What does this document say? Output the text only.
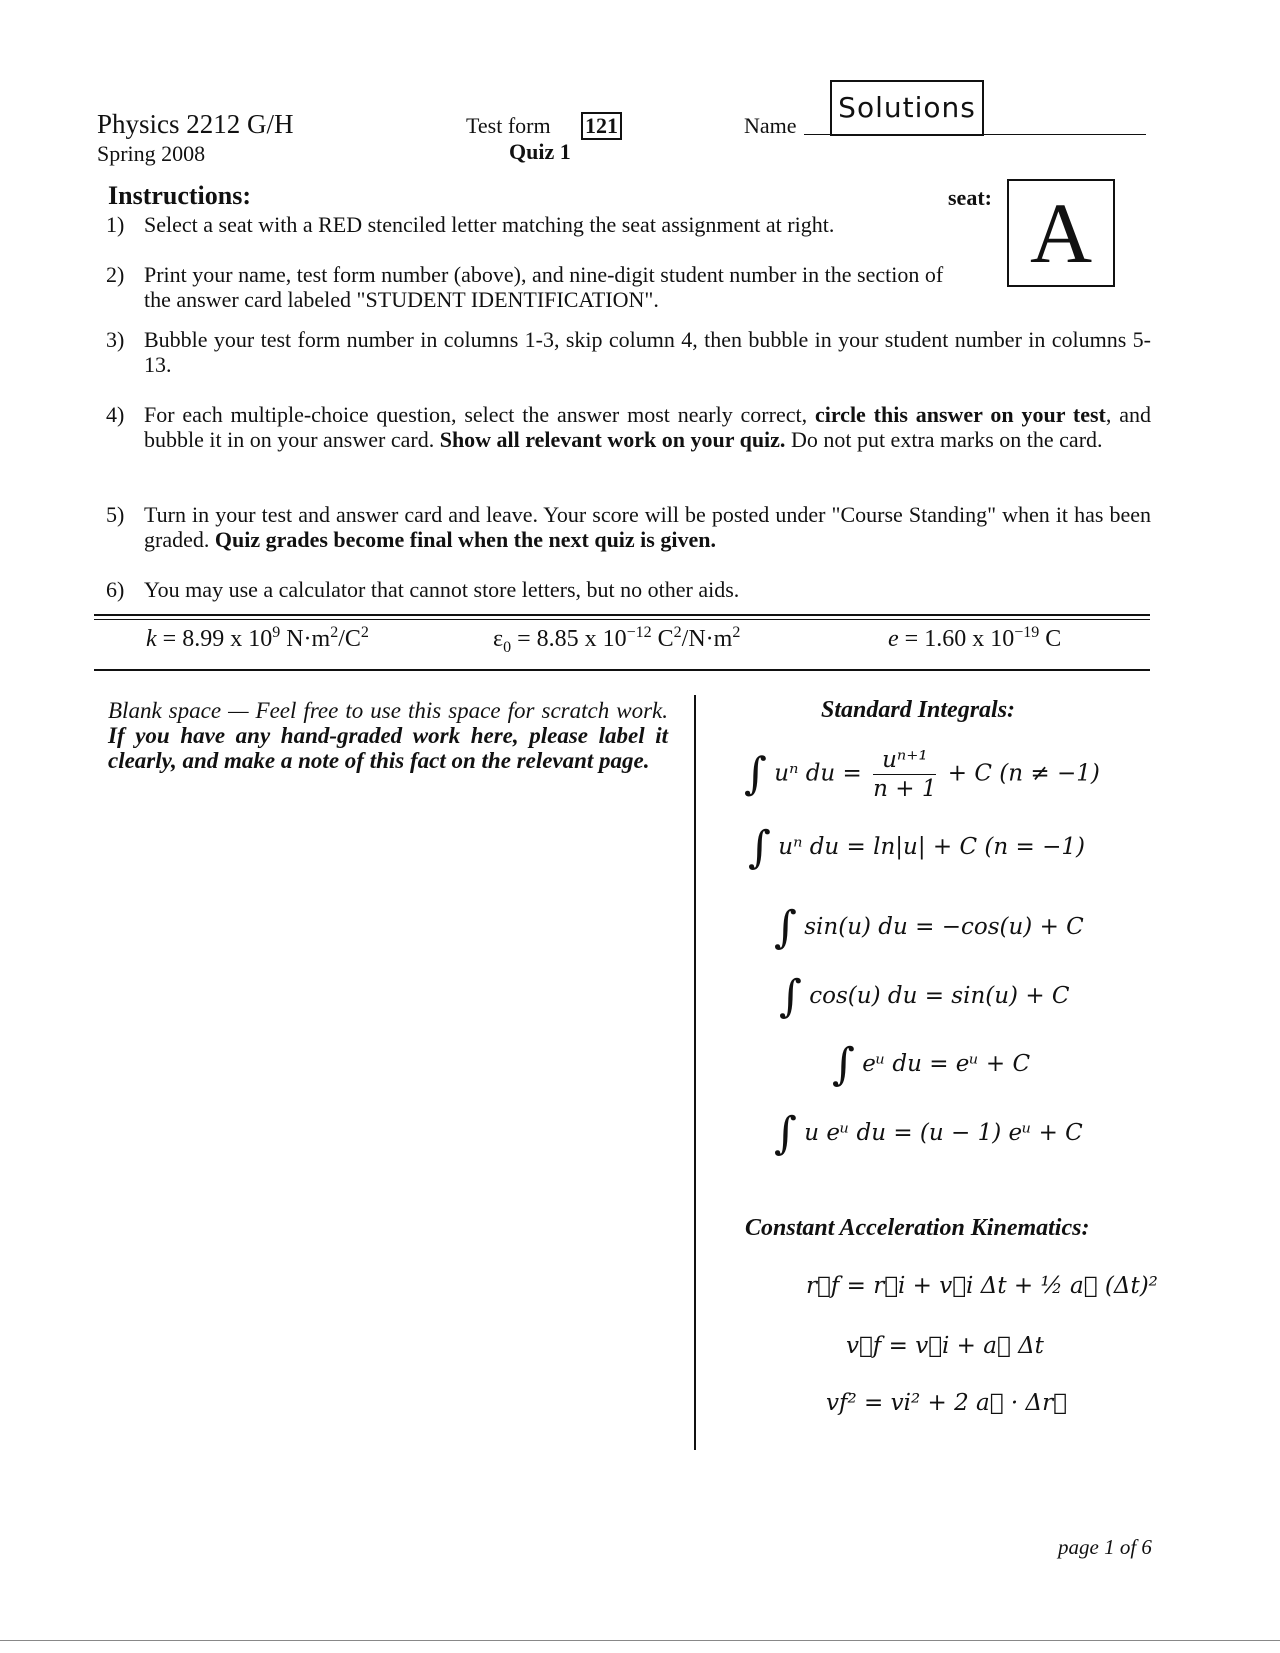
Physics 2212 G/H
Spring 2008
Test form 121
Quiz 1
Name
Solutions
Instructions:	seat: A
1) Select a seat with a RED stenciled letter matching the seat assignment at right.
2) Print your name, test form number (above), and nine-digit student number in the section of the answer card labeled "STUDENT IDENTIFICATION".
3) Bubble your test form number in columns 1-3, skip column 4, then bubble in your student number in columns 5-13.
4) For each multiple-choice question, select the answer most nearly correct, circle this answer on your test, and bubble it in on your answer card. Show all relevant work on your quiz. Do not put extra marks on the card.
5) Turn in your test and answer card and leave. Your score will be posted under "Course Standing" when it has been graded. Quiz grades become final when the next quiz is given.
6) You may use a calculator that cannot store letters, but no other aids.
k = 8.99 x $10^9$ $N\cdot m^2/C^2$	$\varepsilon_0 = 8.85$ x $10^{-12}$ $C^2/N\cdot m^2$	e = 1.60 x $10^{-19}$ C
Blank space — Feel free to use this space for scratch work. If you have any hand-graded work here, please label it clearly, and make a note of this fact on the relevant page.
Standard Integrals:
∫ uⁿ du = $\frac{\text{uⁿ⁺¹}}{n + 1} + C$ (n ≠ −1)
∫ uⁿ du = ln|u| + C (n = −1)
∫ sin(u) du = −cos(u) + C
∫ cos(u) du = sin(u) + C
∫ eᵘ du = eᵘ + C
∫ u eᵘ du = (u − 1) eᵘ + C
Constant Acceleration Kinematics:
r⃗f = r⃗i + v⃗i Δt + ½ a⃗ (Δt)²
v⃗f = v⃗i + a⃗ Δt
vf² = vi² + 2 a⃗ · Δr⃗
page 1 of 6
